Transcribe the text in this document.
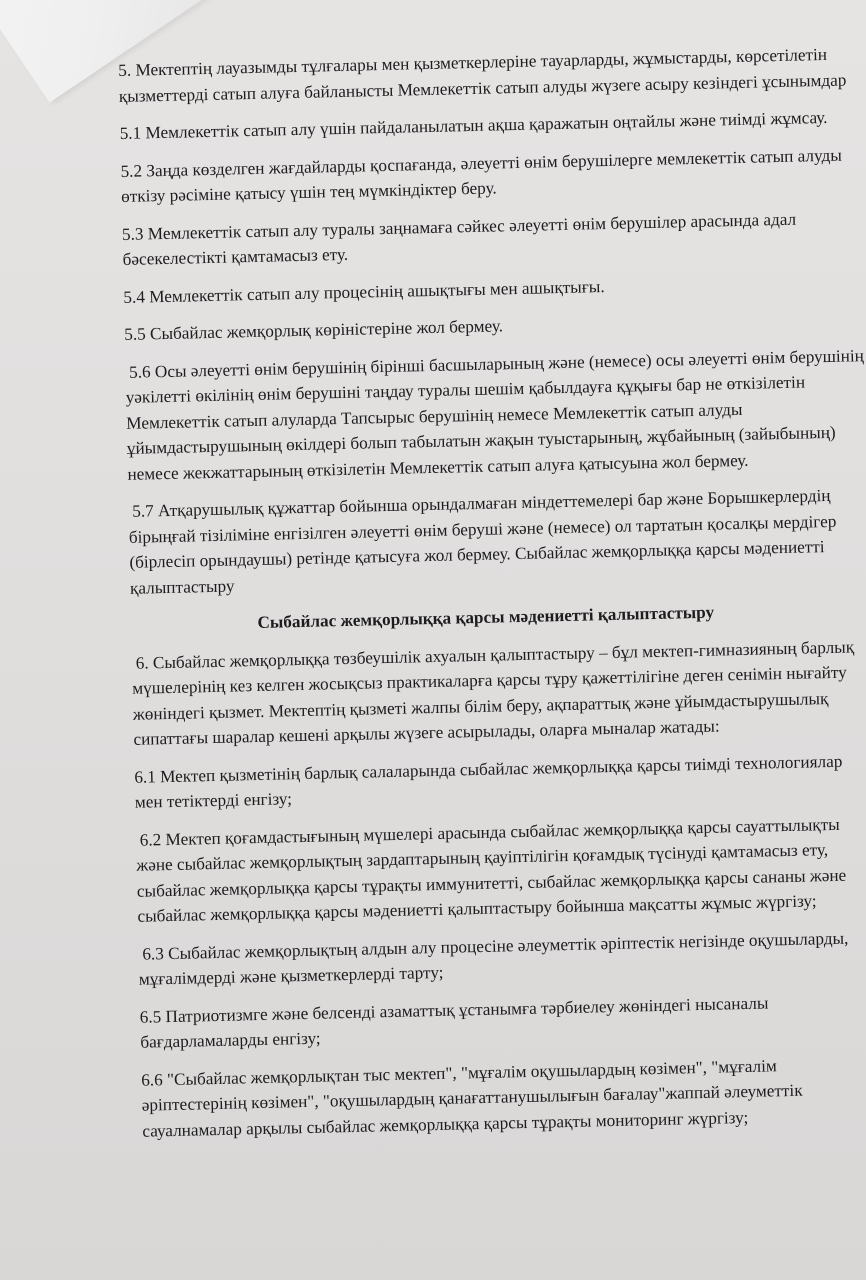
5. Мектептің лауазымды тұлғалары мен қызметкерлеріне тауарларды, жұмыстарды, көрсетілетін қызметтерді сатып алуға байланысты Мемлекеттік сатып алуды жүзеге асыру кезіндегі ұсынымдар

5.1 Мемлекеттік сатып алу үшін пайдаланылатын ақша қаражатын оңтайлы және тиімді жұмсау.

5.2 Заңда көзделген жағдайларды қоспағанда, әлеуетті өнім берушілерге мемлекеттік сатып алуды өткізу рәсіміне қатысу үшін тең мүмкіндіктер беру.

5.3 Мемлекеттік сатып алу туралы заңнамаға сәйкес әлеуетті өнім берушілер арасында адал бәсекелестікті қамтамасыз ету.

5.4 Мемлекеттік сатып алу процесінің ашықтығы мен ашықтығы.

5.5 Сыбайлас жемқорлық көріністеріне жол бермеу.

5.6 Осы әлеуетті өнім берушінің бірінші басшыларының және (немесе) осы әлеуетті өнім берушінің уәкілетті өкілінің өнім берушіні таңдау туралы шешім қабылдауға құқығы бар не өткізілетін Мемлекеттік сатып алуларда Тапсырыс берушінің немесе Мемлекеттік сатып алуды ұйымдастырушының өкілдері болып табылатын жақын туыстарының, жұбайының (зайыбының) немесе жекжаттарының өткізілетін Мемлекеттік сатып алуға қатысуына жол бермеу.

5.7 Атқарушылық құжаттар бойынша орындалмаған міндеттемелері бар және Борышкерлердің бірыңғай тізіліміне енгізілген әлеуетті өнім беруші және (немесе) ол тартатын қосалқы мердігер (бірлесіп орындаушы) ретінде қатысуға жол бермеу. Сыбайлас жемқорлыққа қарсы мәдениетті қалыптастыру

Сыбайлас жемқорлыққа қарсы мәдениетті қалыптастыру

6. Сыбайлас жемқорлыққа төзбеушілік ахуалын қалыптастыру – бұл мектеп-гимназияның барлық мүшелерінің кез келген жосықсыз практикаларға қарсы тұру қажеттілігіне деген сенімін нығайту жөніндегі қызмет. Мектептің қызметі жалпы білім беру, ақпараттық және ұйымдастырушылық сипаттағы шаралар кешені арқылы жүзеге асырылады, оларға мыналар жатады:

6.1 Мектеп қызметінің барлық салаларында сыбайлас жемқорлыққа қарсы тиімді технологиялар мен тетіктерді енгізу;

6.2 Мектеп қоғамдастығының мүшелері арасында сыбайлас жемқорлыққа қарсы сауаттылықты және сыбайлас жемқорлықтың зардаптарының қауіптілігін қоғамдық түсінуді қамтамасыз ету, сыбайлас жемқорлыққа қарсы тұрақты иммунитетті, сыбайлас жемқорлыққа қарсы сананы және сыбайлас жемқорлыққа қарсы мәдениетті қалыптастыру бойынша мақсатты жұмыс жүргізу;

6.3 Сыбайлас жемқорлықтың алдын алу процесіне әлеуметтік әріптестік негізінде оқушыларды, мұғалімдерді және қызметкерлерді тарту;

6.5 Патриотизмге және белсенді азаматтық ұстанымға тәрбиелеу жөніндегі нысаналы бағдарламаларды енгізу;

6.6 "Сыбайлас жемқорлықтан тыс мектеп", "мұғалім оқушылардың көзімен", "мұғалім әріптестерінің көзімен", "оқушылардың қанағаттанушылығын бағалау"жаппай әлеуметтік сауалнамалар арқылы сыбайлас жемқорлыққа қарсы тұрақты мониторинг жүргізу;
